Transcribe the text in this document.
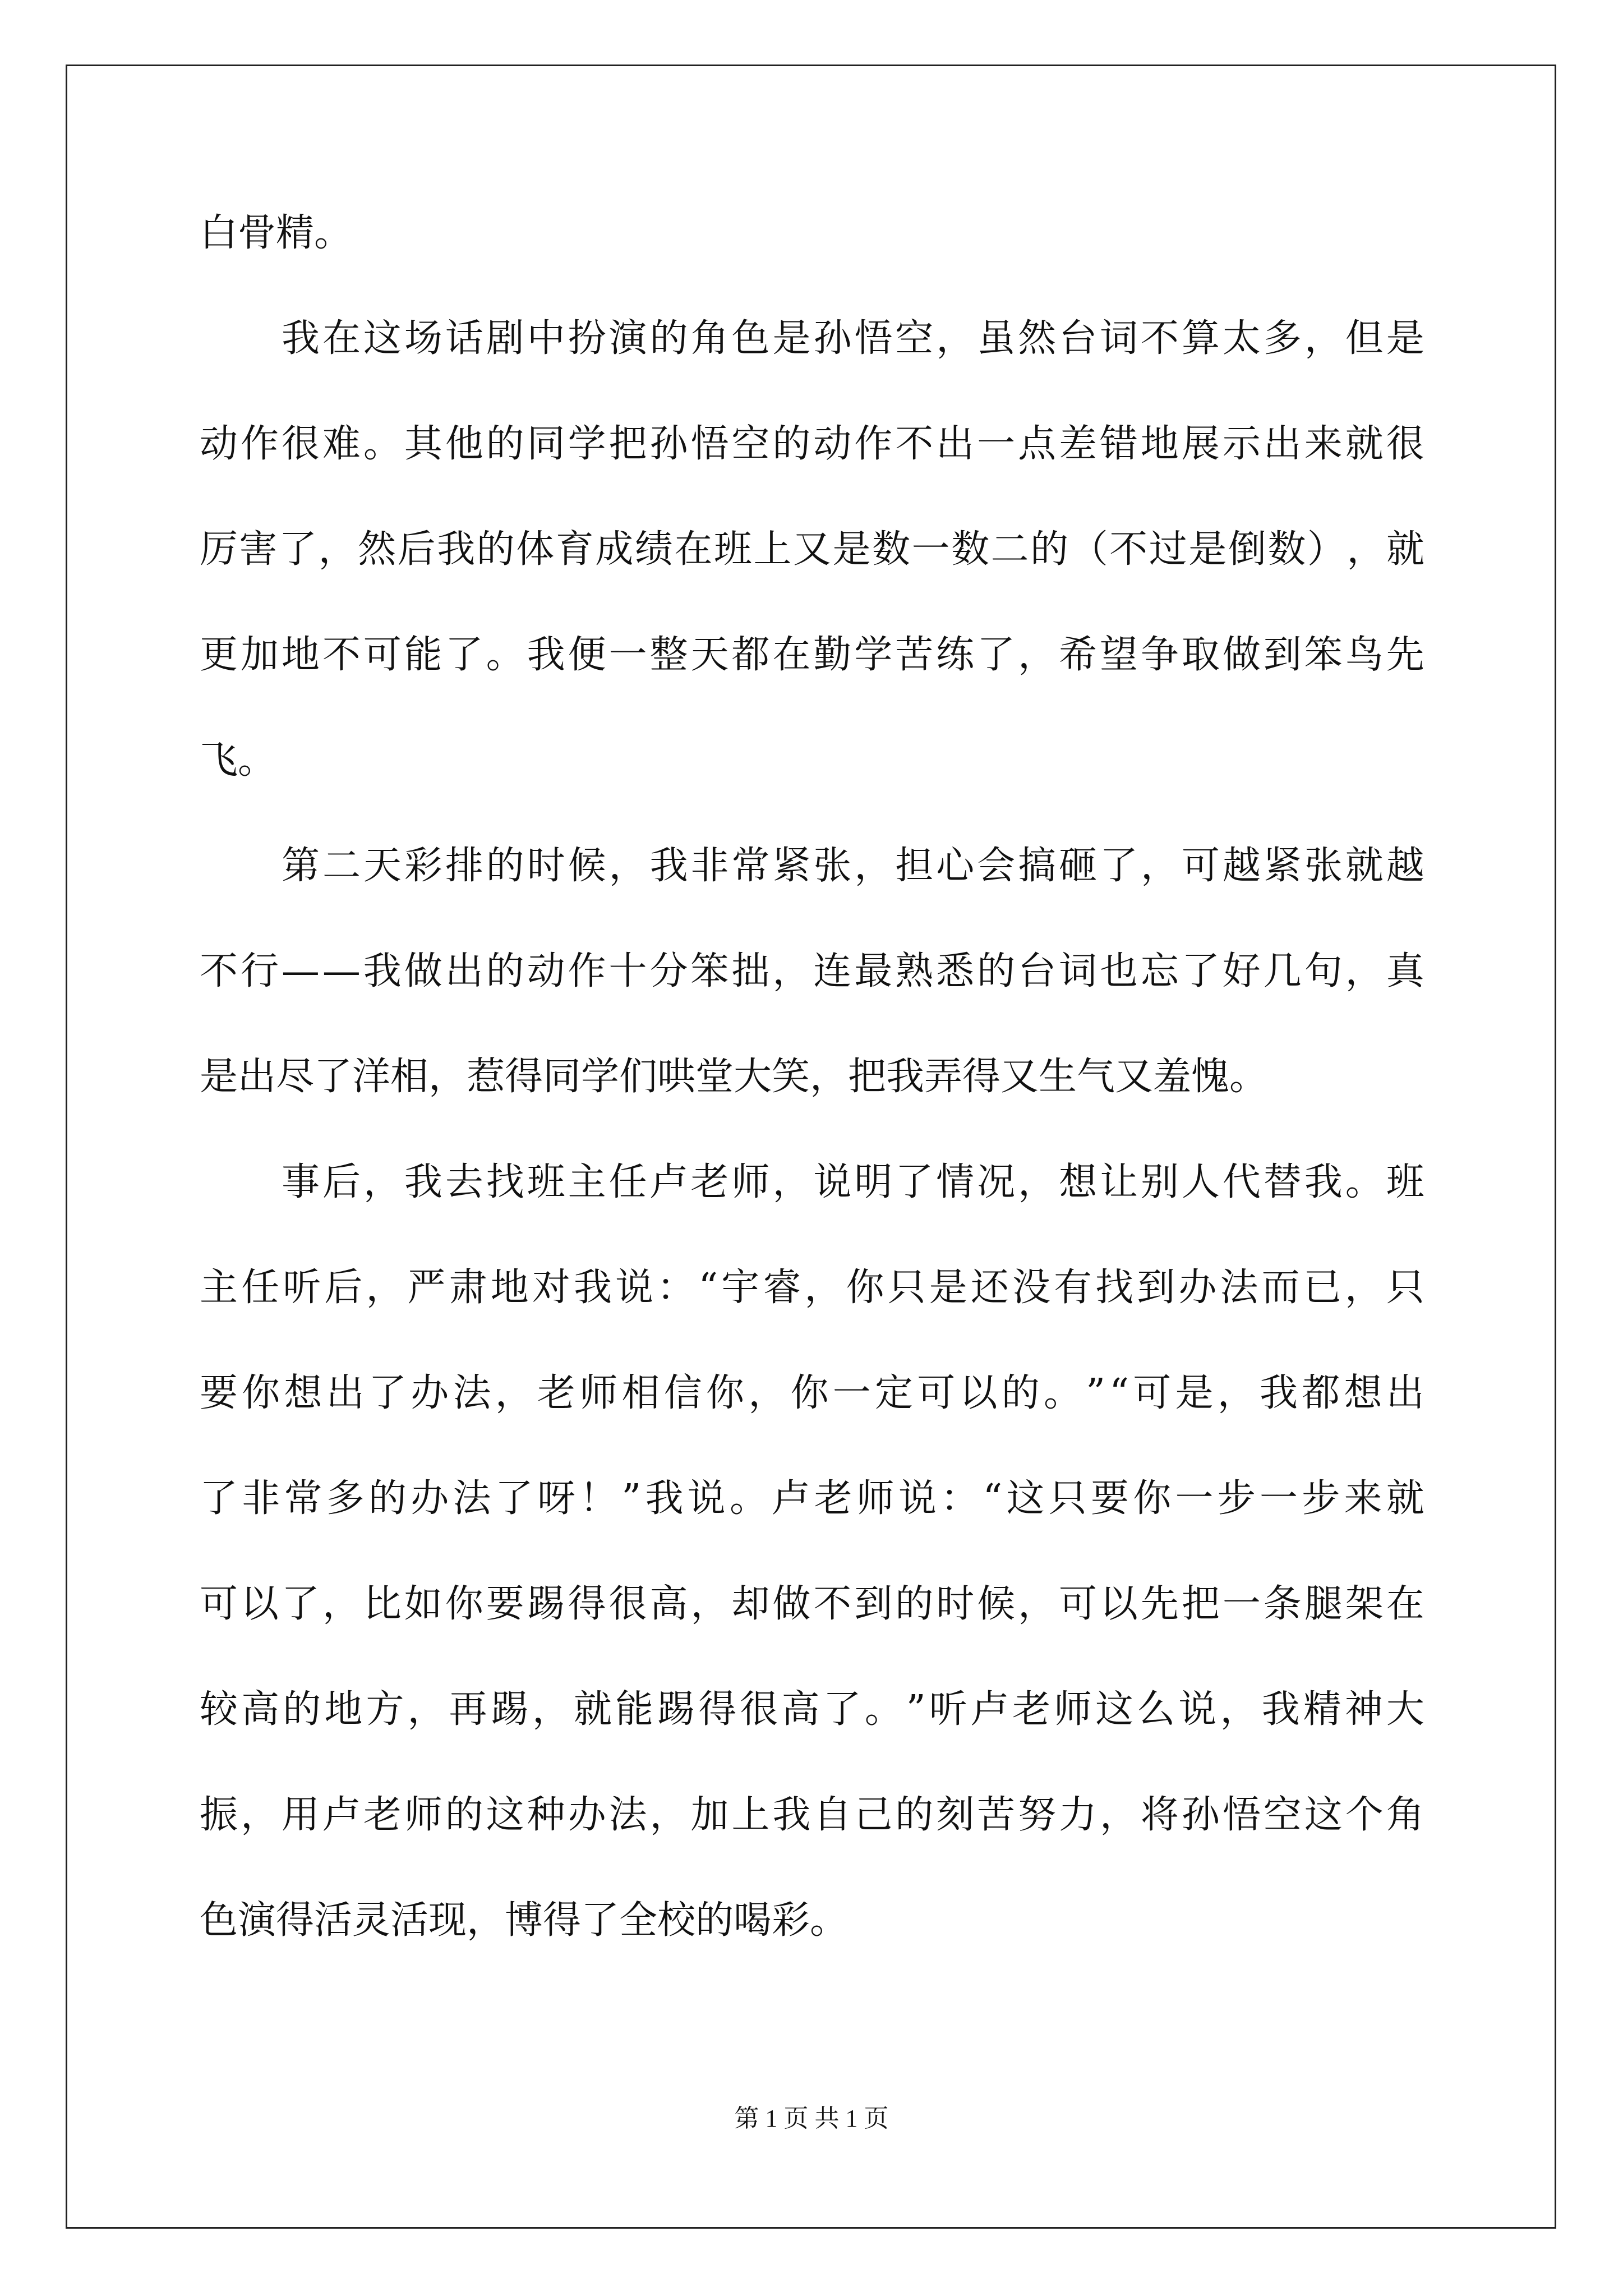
白骨精。
我 在 这 场 话 剧 中 扮 演 的 角 色 是 孙 悟 空 ， 虽 然 台 词 不 算 太 多 ， 但 是
动 作 很 难 。 其 他 的 同 学 把 孙 悟 空 的 动 作 不 出 一 点 差 错 地 展 示 出 来 就 很
厉 害 了 ， 然 后 我 的 体 育 成 绩 在 班 上 又 是 数 一 数 二 的 （ 不 过 是 倒 数 ） ， 就
更 加 地 不 可 能 了 。 我 便 一 整 天 都 在 勤 学 苦 练 了 ， 希 望 争 取 做 到 笨 鸟 先
飞。
第 二 天 彩 排 的 时 候 ， 我 非 常 紧 张 ， 担 心 会 搞 砸 了 ， 可 越 紧 张 就 越
不 行 — — 我 做 出 的 动 作 十 分 笨 拙 ， 连 最 熟 悉 的 台 词 也 忘 了 好 几 句 ， 真
是出尽了洋相，惹得同学们哄堂大笑，把我弄得又生气又羞愧。
事 后 ， 我 去 找 班 主 任 卢 老 师 ， 说 明 了 情 况 ， 想 让 别 人 代 替 我 。 班
主 任 听 后 ， 严 肃 地 对 我 说 ： “ 宇 睿 ， 你 只 是 还 没 有 找 到 办 法 而 已 ， 只
要 你 想 出 了 办 法 ， 老 师 相 信 你 ， 你 一 定 可 以 的 。 ” “ 可 是 ， 我 都 想 出
了 非 常 多 的 办 法 了 呀 ！ ” 我 说 。 卢 老 师 说 ： “ 这 只 要 你 一 步 一 步 来 就
可 以 了 ， 比 如 你 要 踢 得 很 高 ， 却 做 不 到 的 时 候 ， 可 以 先 把 一 条 腿 架 在
较 高 的 地 方 ， 再 踢 ， 就 能 踢 得 很 高 了 。 ” 听 卢 老 师 这 么 说 ， 我 精 神 大
振 ， 用 卢 老 师 的 这 种 办 法 ， 加 上 我 自 己 的 刻 苦 努 力 ， 将 孙 悟 空 这 个 角
色演得活灵活现，博得了全校的喝彩。
第 1 页 共 1 页
